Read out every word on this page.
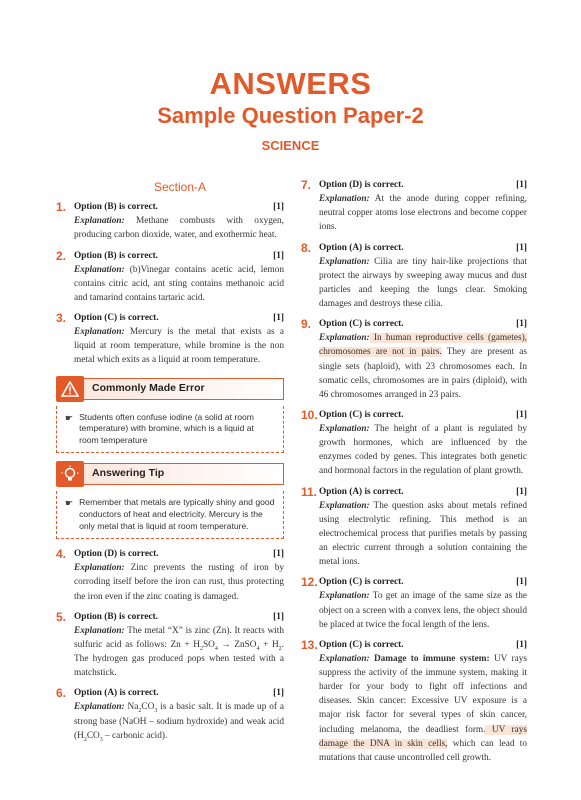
ANSWERS
Sample Question Paper-2
SCIENCE
Section-A
1. Option (B) is correct.	[1]
Explanation: Methane combusts with oxygen, producing carbon dioxide, water, and exothermic heat.
2. Option (B) is correct.	[1]
Explanation: (b)Vinegar contains acetic acid, lemon contains citric acid, ant sting contains methanoic acid and tamarind contains tartaric acid.
3. Option (C) is correct.	[1]
Explanation: Mercury is the metal that exists as a liquid at room temperature, while bromine is the non metal which exits as a liquid at room temperature.
Commonly Made Error
☛ Students often confuse iodine (a solid at room temperature) with bromine, which is a liquid at room temperature
Answering Tip
☛ Remember that metals are typically shiny and good conductors of heat and electricity. Mercury is the only metal that is liquid at room temperature.
4. Option (D) is correct.	[1]
Explanation: Zinc prevents the rusting of iron by corroding itself before the iron can rust, thus protecting the iron even if the zinc coating is damaged.
5. Option (B) is correct.	[1]
Explanation: The metal “X” is zinc (Zn). It reacts with sulfuric acid as follows: $Zn + H_2SO_4$ → ZnSO$_4$ + $H_2$. The hydrogen gas produced pops when tested with a matchstick.
6. Option (A) is correct.	[1]
Explanation: $Na_2CO_3$ is a basic salt. It is made up of a strong base (NaOH – sodium hydroxide) and weak acid ($H_2CO_3$ – carbonic acid).
7. Option (D) is correct.	[1]
Explanation: At the anode during copper refining, neutral copper atoms lose electrons and become copper ions.
8. Option (A) is correct.	[1]
Explanation: Cilia are tiny hair-like projections that protect the airways by sweeping away mucus and dust particles and keeping the lungs clear. Smoking damages and destroys these cilia.
9. Option (C) is correct.	[1]
Explanation: In human reproductive cells (gametes), chromosomes are not in pairs. They are present as single sets (haploid), with 23 chromosomes each. In somatic cells, chromosomes are in pairs (diploid), with 46 chromosomes arranged in 23 pairs.
10. Option (C) is correct.	[1]
Explanation: The height of a plant is regulated by growth hormones, which are influenced by the enzymes coded by genes. This integrates both genetic and hormonal factors in the regulation of plant growth.
11. Option (A) is correct.	[1]
Explanation: The question asks about metals refined using electrolytic refining. This method is an electrochemical process that purifies metals by passing an electric current through a solution containing the metal ions.
12. Option (C) is correct.	[1]
Explanation: To get an image of the same size as the object on a screen with a convex lens, the object should be placed at twice the focal length of the lens.
13. Option (C) is correct.	[1]
Explanation: Damage to immune system: UV rays suppress the activity of the immune system, making it harder for your body to fight off infections and diseases. Skin cancer: Excessive UV exposure is a major risk factor for several types of skin cancer, including melanoma, the deadliest form. UV rays damage the DNA in skin cells, which can lead to mutations that cause uncontrolled cell growth.
